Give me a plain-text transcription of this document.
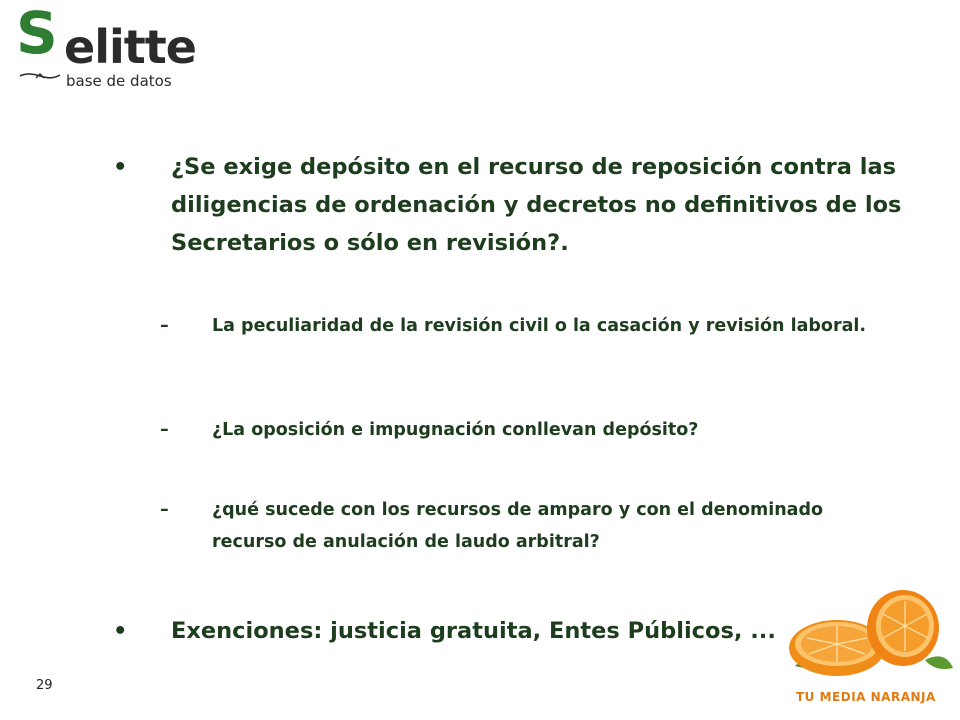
S elitte
base de datos
• ¿Se exige depósito en el recurso de reposición contra las diligencias de ordenación y decretos no definitivos de los Secretarios o sólo en revisión?.
–	La peculiaridad de la revisión civil o la casación y revisión laboral.
–	¿La oposición e impugnación conllevan depósito?
–	¿qué sucede con los recursos de amparo y con el denominado recurso de anulación de laudo arbitral?
• Exenciones: justicia gratuita, Entes Públicos, ...
29
TU MEDIA NARANJA
